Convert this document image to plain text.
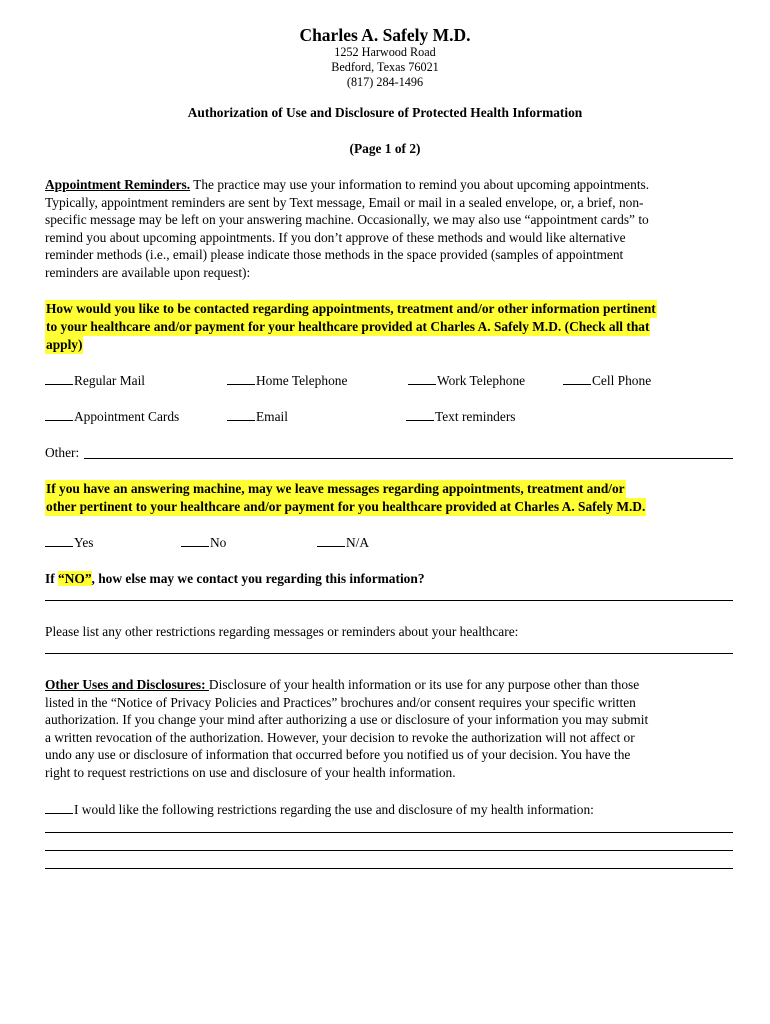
Charles A. Safely M.D.
1252 Harwood Road
Bedford, Texas 76021
(817) 284-1496
Authorization of Use and Disclosure of Protected Health Information
(Page 1 of 2)
Appointment Reminders. The practice may use your information to remind you about upcoming appointments.
Typically, appointment reminders are sent by Text message, Email or mail in a sealed envelope, or, a brief, non-
specific message may be left on your answering machine. Occasionally, we may also use “appointment cards” to
remind you about upcoming appointments. If you don’t approve of these methods and would like alternative
reminder methods (i.e., email) please indicate those methods in the space provided (samples of appointment
reminders are available upon request):
How would you like to be contacted regarding appointments, treatment and/or other information pertinent
to your healthcare and/or payment for your healthcare provided at Charles A. Safely M.D. (Check all that
apply)
Regular Mail	Home Telephone	Work Telephone	Cell Phone
Appointment Cards	Email	Text reminders
Other:
If you have an answering machine, may we leave messages regarding appointments, treatment and/or
other pertinent to your healthcare and/or payment for you healthcare provided at Charles A. Safely M.D.
Yes	No	N/A
If “NO”, how else may we contact you regarding this information?
Please list any other restrictions regarding messages or reminders about your healthcare:
Other Uses and Disclosures: Disclosure of your health information or its use for any purpose other than those
listed in the “Notice of Privacy Policies and Practices” brochures and/or consent requires your specific written
authorization. If you change your mind after authorizing a use or disclosure of your information you may submit
a written revocation of the authorization. However, your decision to revoke the authorization will not affect or
undo any use or disclosure of information that occurred before you notified us of your decision. You have the
right to request restrictions on use and disclosure of your health information.
I would like the following restrictions regarding the use and disclosure of my health information:
